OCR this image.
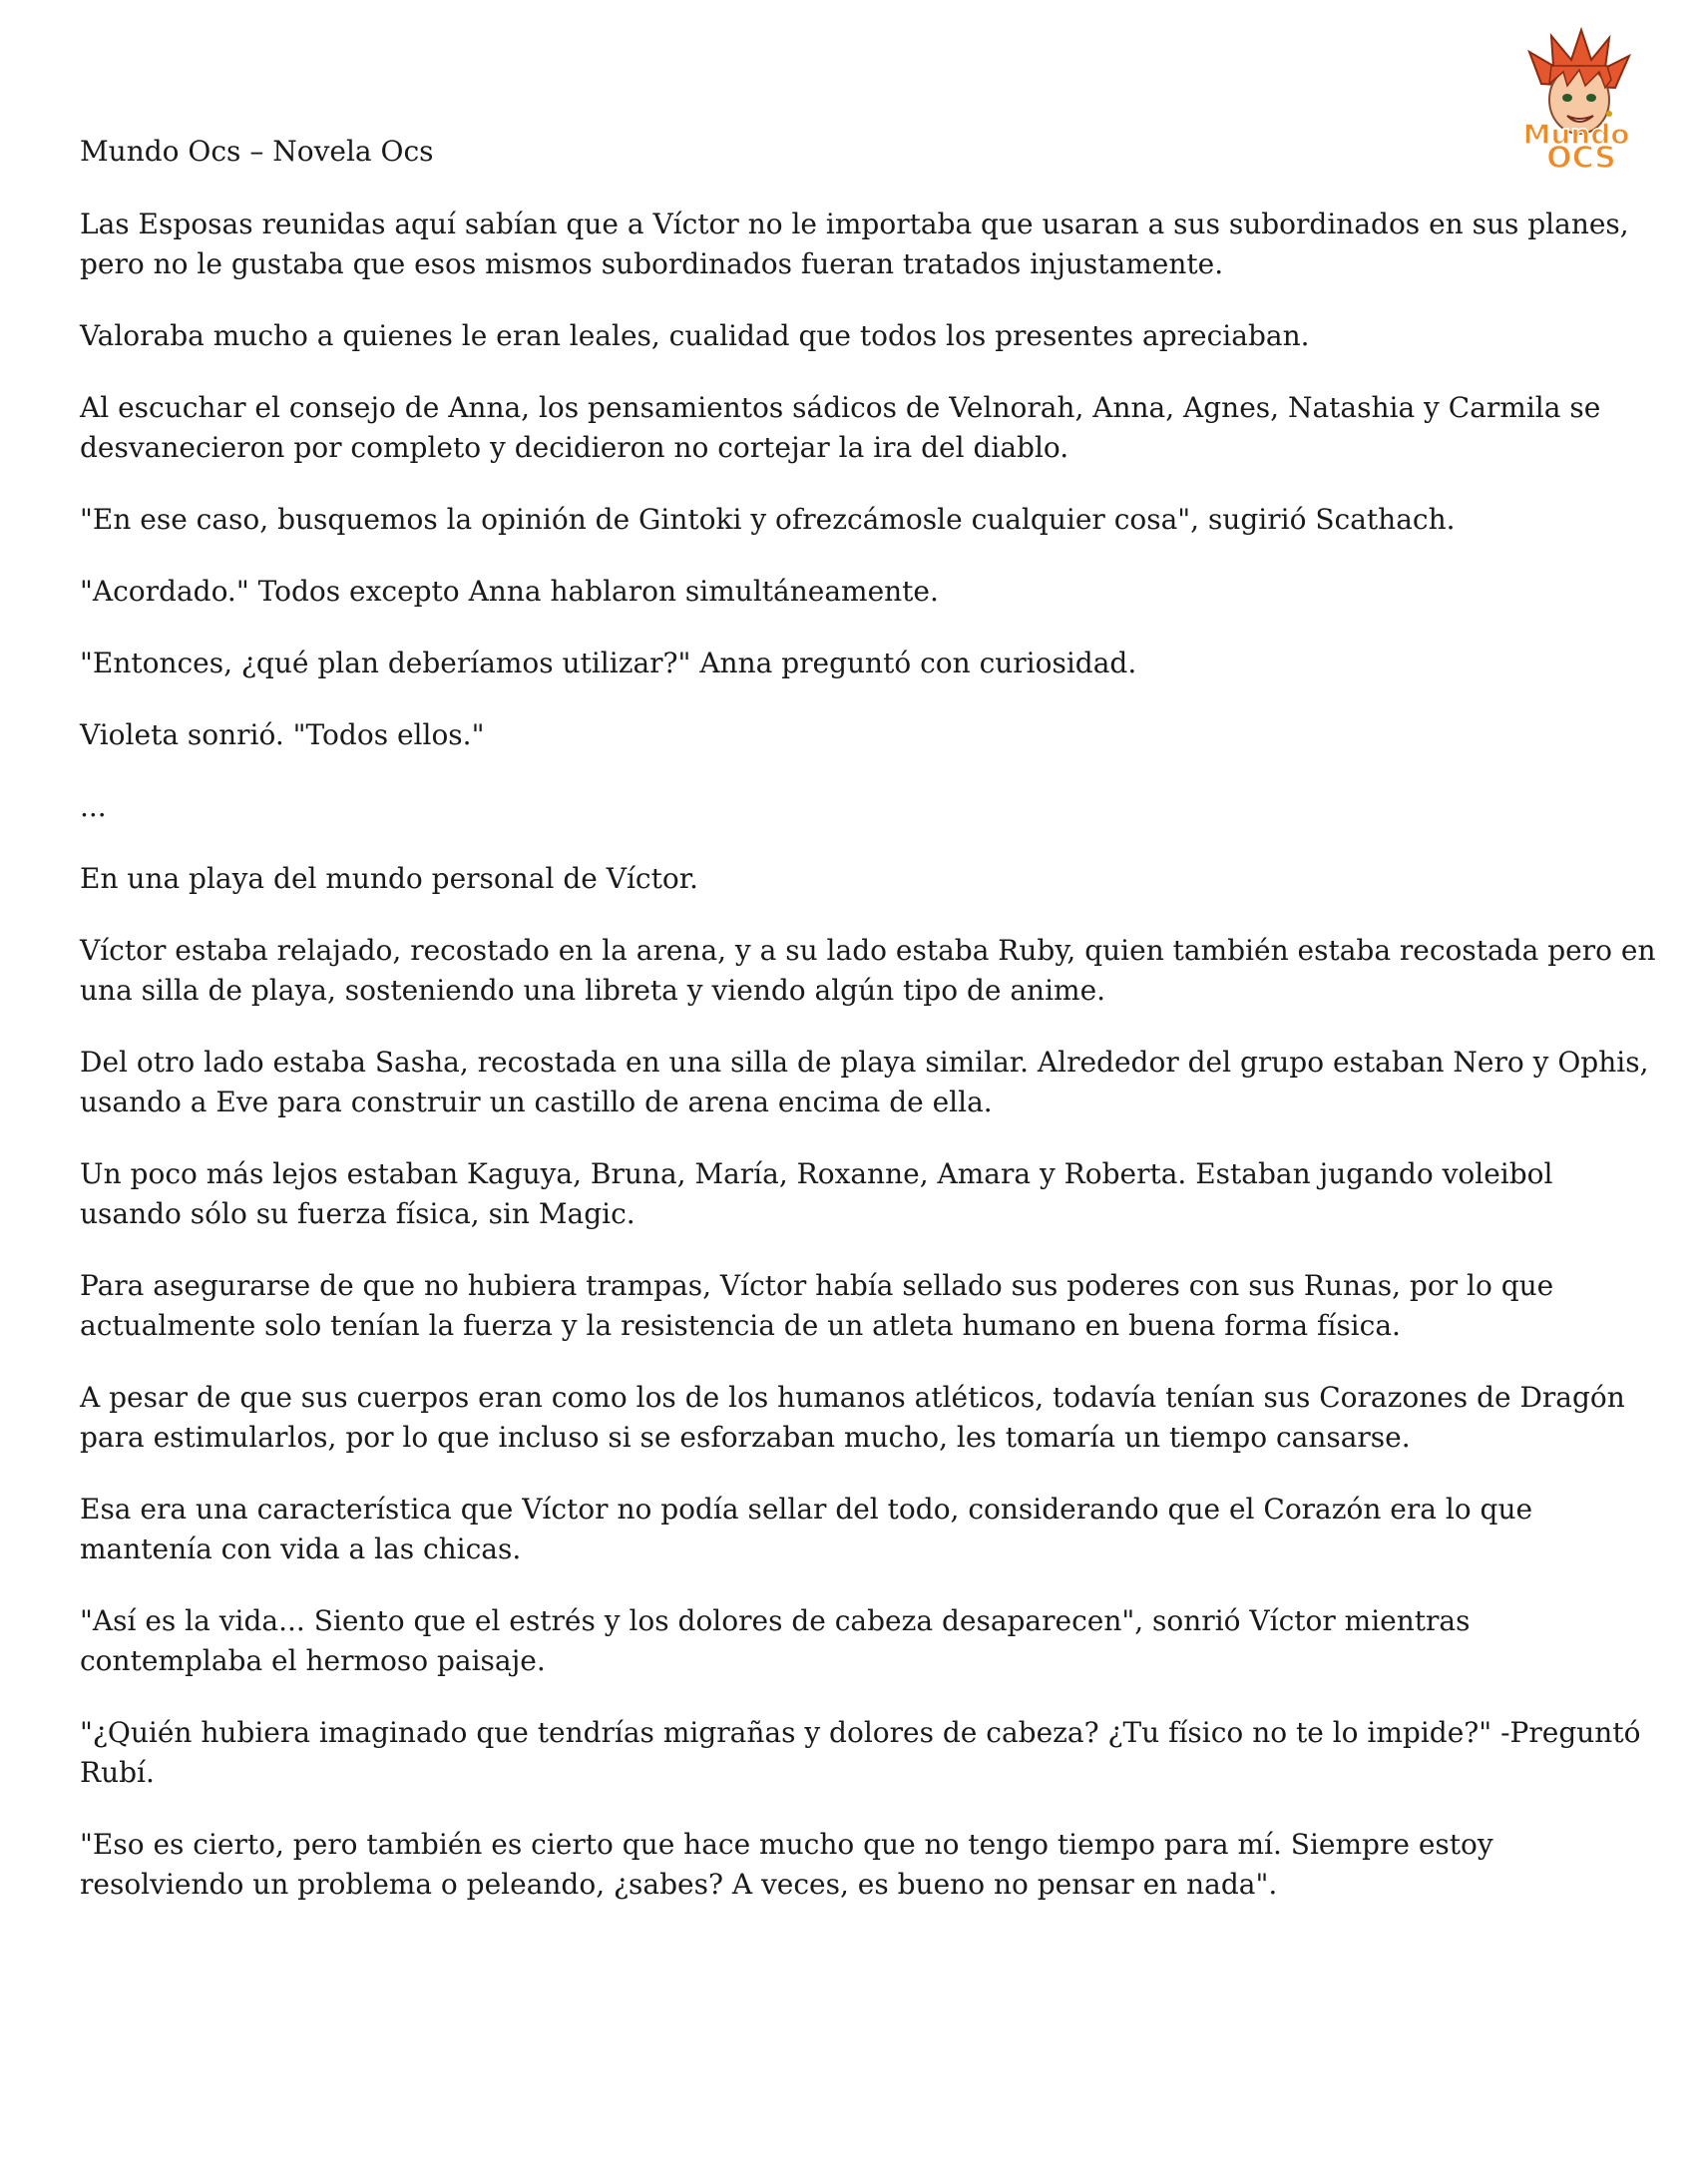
Mundo Ocs – Novela Ocs

Mundo
OCS

Las Esposas reunidas aquí sabían que a Víctor no le importaba que usaran a sus subordinados en sus planes, pero no le gustaba que esos mismos subordinados fueran tratados injustamente.

Valoraba mucho a quienes le eran leales, cualidad que todos los presentes apreciaban.

Al escuchar el consejo de Anna, los pensamientos sádicos de Velnorah, Anna, Agnes, Natashia y Carmila se desvanecieron por completo y decidieron no cortejar la ira del diablo.

"En ese caso, busquemos la opinión de Gintoki y ofrezcámosle cualquier cosa", sugirió Scathach.

"Acordado." Todos excepto Anna hablaron simultáneamente.

"Entonces, ¿qué plan deberíamos utilizar?" Anna preguntó con curiosidad.

Violeta sonrió. "Todos ellos."

...

En una playa del mundo personal de Víctor.

Víctor estaba relajado, recostado en la arena, y a su lado estaba Ruby, quien también estaba recostada pero en una silla de playa, sosteniendo una libreta y viendo algún tipo de anime.

Del otro lado estaba Sasha, recostada en una silla de playa similar. Alrededor del grupo estaban Nero y Ophis, usando a Eve para construir un castillo de arena encima de ella.

Un poco más lejos estaban Kaguya, Bruna, María, Roxanne, Amara y Roberta. Estaban jugando voleibol usando sólo su fuerza física, sin Magic.

Para asegurarse de que no hubiera trampas, Víctor había sellado sus poderes con sus Runas, por lo que actualmente solo tenían la fuerza y la resistencia de un atleta humano en buena forma física.

A pesar de que sus cuerpos eran como los de los humanos atléticos, todavía tenían sus Corazones de Dragón para estimularlos, por lo que incluso si se esforzaban mucho, les tomaría un tiempo cansarse.

Esa era una característica que Víctor no podía sellar del todo, considerando que el Corazón era lo que mantenía con vida a las chicas.

"Así es la vida... Siento que el estrés y los dolores de cabeza desaparecen", sonrió Víctor mientras contemplaba el hermoso paisaje.

"¿Quién hubiera imaginado que tendrías migrañas y dolores de cabeza? ¿Tu físico no te lo impide?" -Preguntó Rubí.

"Eso es cierto, pero también es cierto que hace mucho que no tengo tiempo para mí. Siempre estoy resolviendo un problema o peleando, ¿sabes? A veces, es bueno no pensar en nada".
